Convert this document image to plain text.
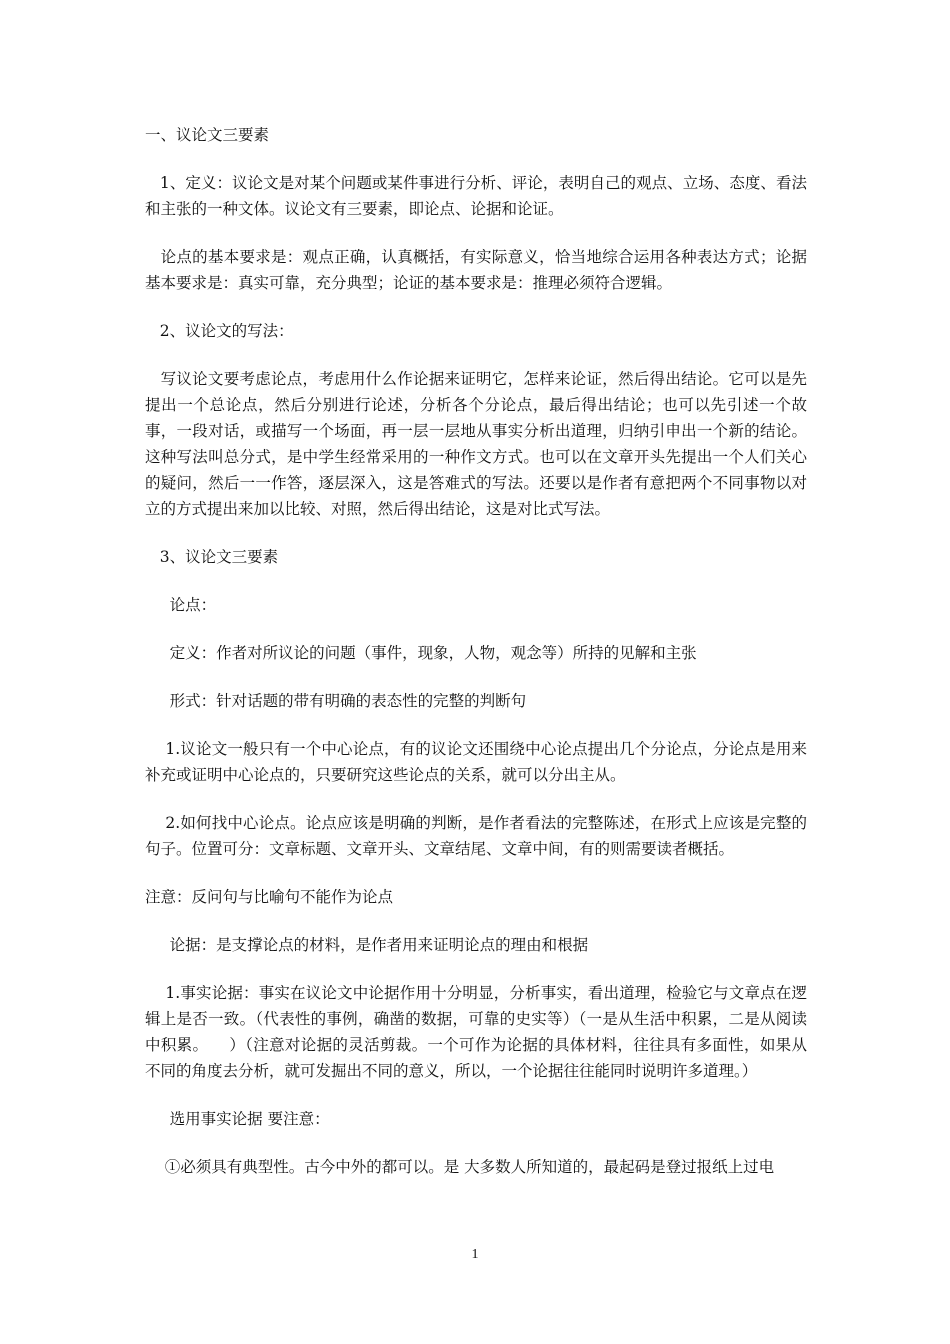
一、议论文三要素

1、定义：议论文是对某个问题或某件事进行分析、评论，表明自己的观点、立场、态度、看法和主张的一种文体。议论文有三要素，即论点、论据和论证。

论点的基本要求是：观点正确，认真概括，有实际意义，恰当地综合运用各种表达方式；论据基本要求是：真实可靠，充分典型；论证的基本要求是：推理必须符合逻辑。

2、议论文的写法：

写议论文要考虑论点，考虑用什么作论据来证明它，怎样来论证，然后得出结论。它可以是先提出一个总论点，然后分别进行论述，分析各个分论点，最后得出结论；也可以先引述一个故事，一段对话，或描写一个场面，再一层一层地从事实分析出道理，归纳引申出一个新的结论。这种写法叫总分式，是中学生经常采用的一种作文方式。也可以在文章开头先提出一个人们关心的疑问，然后一一作答，逐层深入，这是答难式的写法。还要以是作者有意把两个不同事物以对立的方式提出来加以比较、对照，然后得出结论，这是对比式写法。

3、议论文三要素

论点：

定义：作者对所议论的问题（事件，现象，人物，观念等）所持的见解和主张

形式：针对话题的带有明确的表态性的完整的判断句

1.议论文一般只有一个中心论点，有的议论文还围绕中心论点提出几个分论点，分论点是用来补充或证明中心论点的，只要研究这些论点的关系，就可以分出主从。

2.如何找中心论点。论点应该是明确的判断，是作者看法的完整陈述，在形式上应该是完整的句子。位置可分：文章标题、文章开头、文章结尾、文章中间，有的则需要读者概括。

注意：反问句与比喻句不能作为论点

论据：是支撑论点的材料，是作者用来证明论点的理由和根据

1.事实论据：事实在议论文中论据作用十分明显，分析事实，看出道理，检验它与文章点在逻辑上是否一致。（代表性的事例，确凿的数据，可靠的史实等）（一是从生活中积累，二是从阅读中积累。    ）（注意对论据的灵活剪裁。一个可作为论据的具体材料，往往具有多面性，如果从不同的角度去分析，就可发掘出不同的意义，所以，一个论据往往能同时说明许多道理。）

选用事实论据 要注意：

①必须具有典型性。古今中外的都可以。是 大多数人所知道的，最起码是登过报纸上过电

1
